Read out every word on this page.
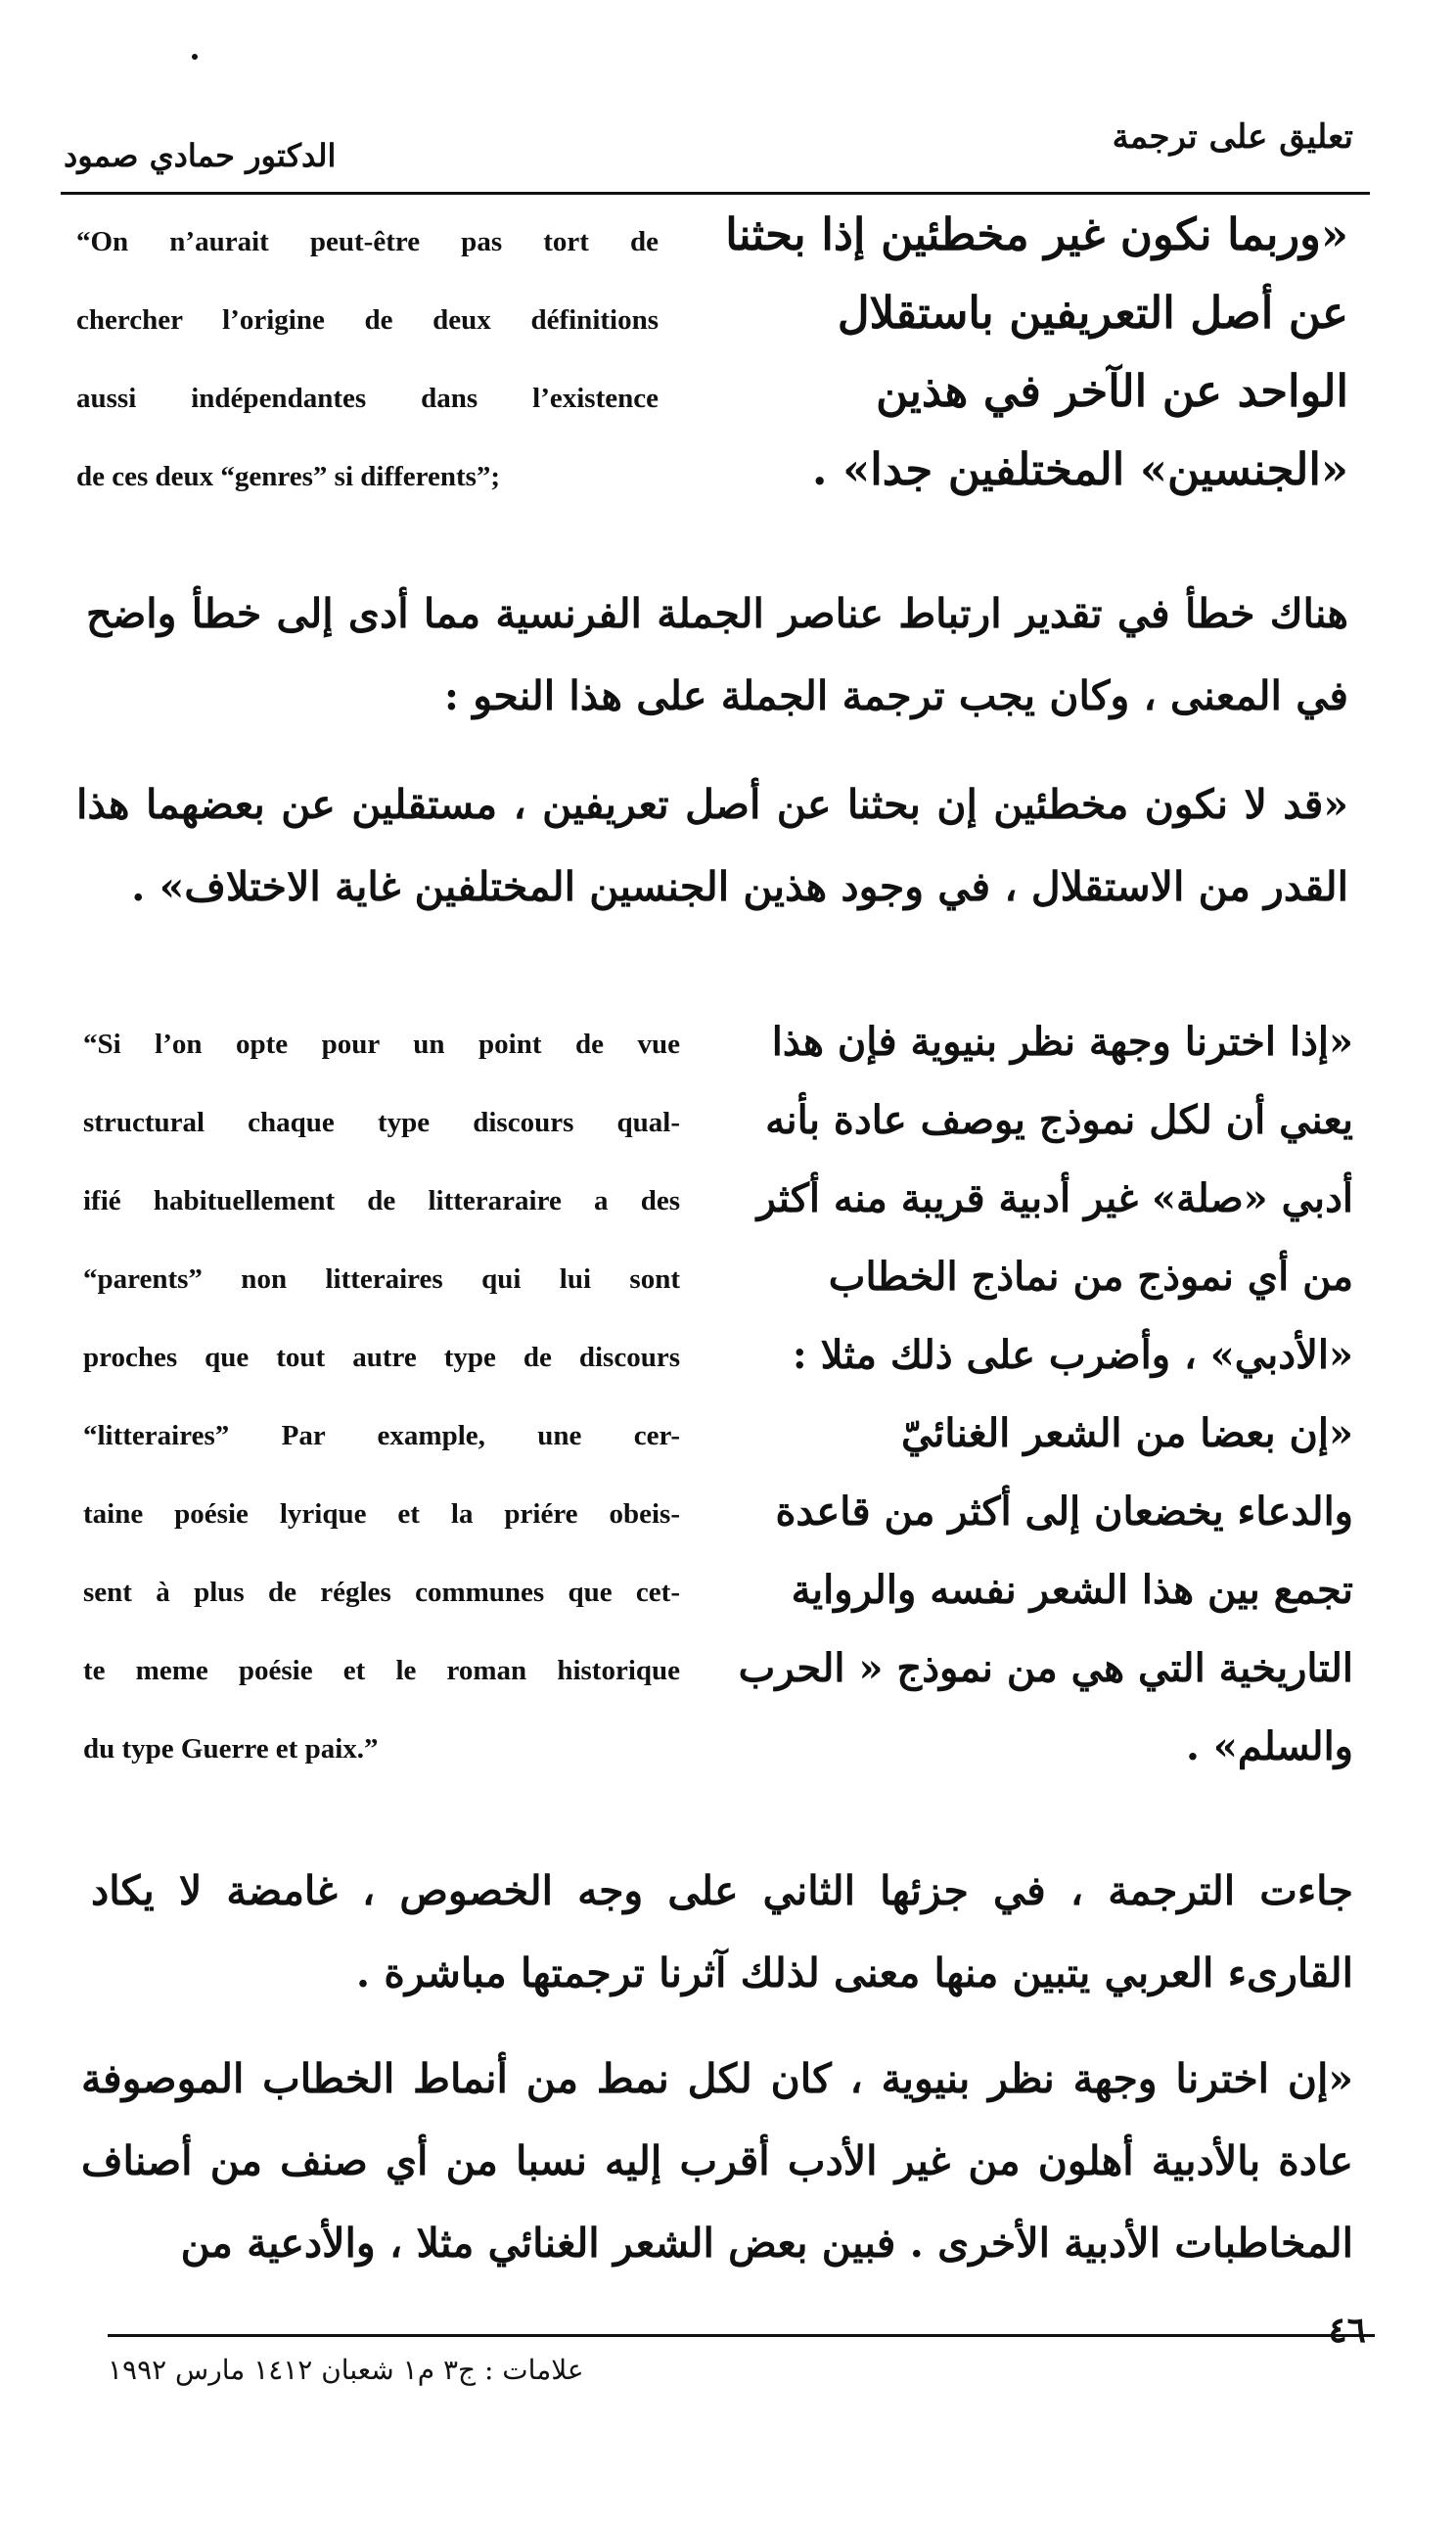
تعليق على ترجمة
الدكتور حمادي صمود
“On n’aurait peut-être pas tort de
chercher l’origine de deux définitions
aussi indépendantes dans l’existence
de ces deux “genres” si differents”;
«وربما نكون غير مخطئين إذا بحثنا
عن أصل التعريفين باستقلال
الواحد عن الآخر في هذين
«الجنسين» المختلفين جدا» .
هناك خطأ في تقدير ارتباط عناصر الجملة الفرنسية مما أدى إلى خطأ واضح في المعنى ، وكان يجب ترجمة الجملة على هذا النحو :
«قد لا نكون مخطئين إن بحثنا عن أصل تعريفين ، مستقلين عن بعضهما هذا القدر من الاستقلال ، في وجود هذين الجنسين المختلفين غاية الاختلاف» .
“Si l’on opte pour un point de vue
structural chaque type discours qual-
ifié habituellement de litteraraire a des
“parents” non litteraires qui lui sont
proches que tout autre type de discours
“litteraires” Par example, une cer-
taine poésie lyrique et la priére obeis-
sent à plus de régles communes que cet-
te meme poésie et le roman historique
du type Guerre et paix.”
«إذا اخترنا وجهة نظر بنيوية فإن هذا
يعني أن لكل نموذج يوصف عادة بأنه
أدبي «صلة» غير أدبية قريبة منه أكثر
من أي نموذج من نماذج الخطاب
«الأدبي» ، وأضرب على ذلك مثلا :
«إن بعضا من الشعر الغنائيّ
والدعاء يخضعان إلى أكثر من قاعدة
تجمع بين هذا الشعر نفسه والرواية
التاريخية التي هي من نموذج « الحرب
والسلم» .
جاءت الترجمة ، في جزئها الثاني على وجه الخصوص ، غامضة لا يكاد القارىء العربي يتبين منها معنى لذلك آثرنا ترجمتها مباشرة .
«إن اخترنا وجهة نظر بنيوية ، كان لكل نمط من أنماط الخطاب الموصوفة عادة بالأدبية أهلون من غير الأدب أقرب إليه نسبا من أي صنف من أصناف المخاطبات الأدبية الأخرى . فبين بعض الشعر الغنائي مثلا ، والأدعية من
٤٦
علامات : ج٣ م١ شعبان ١٤١٢ مارس ١٩٩٢
